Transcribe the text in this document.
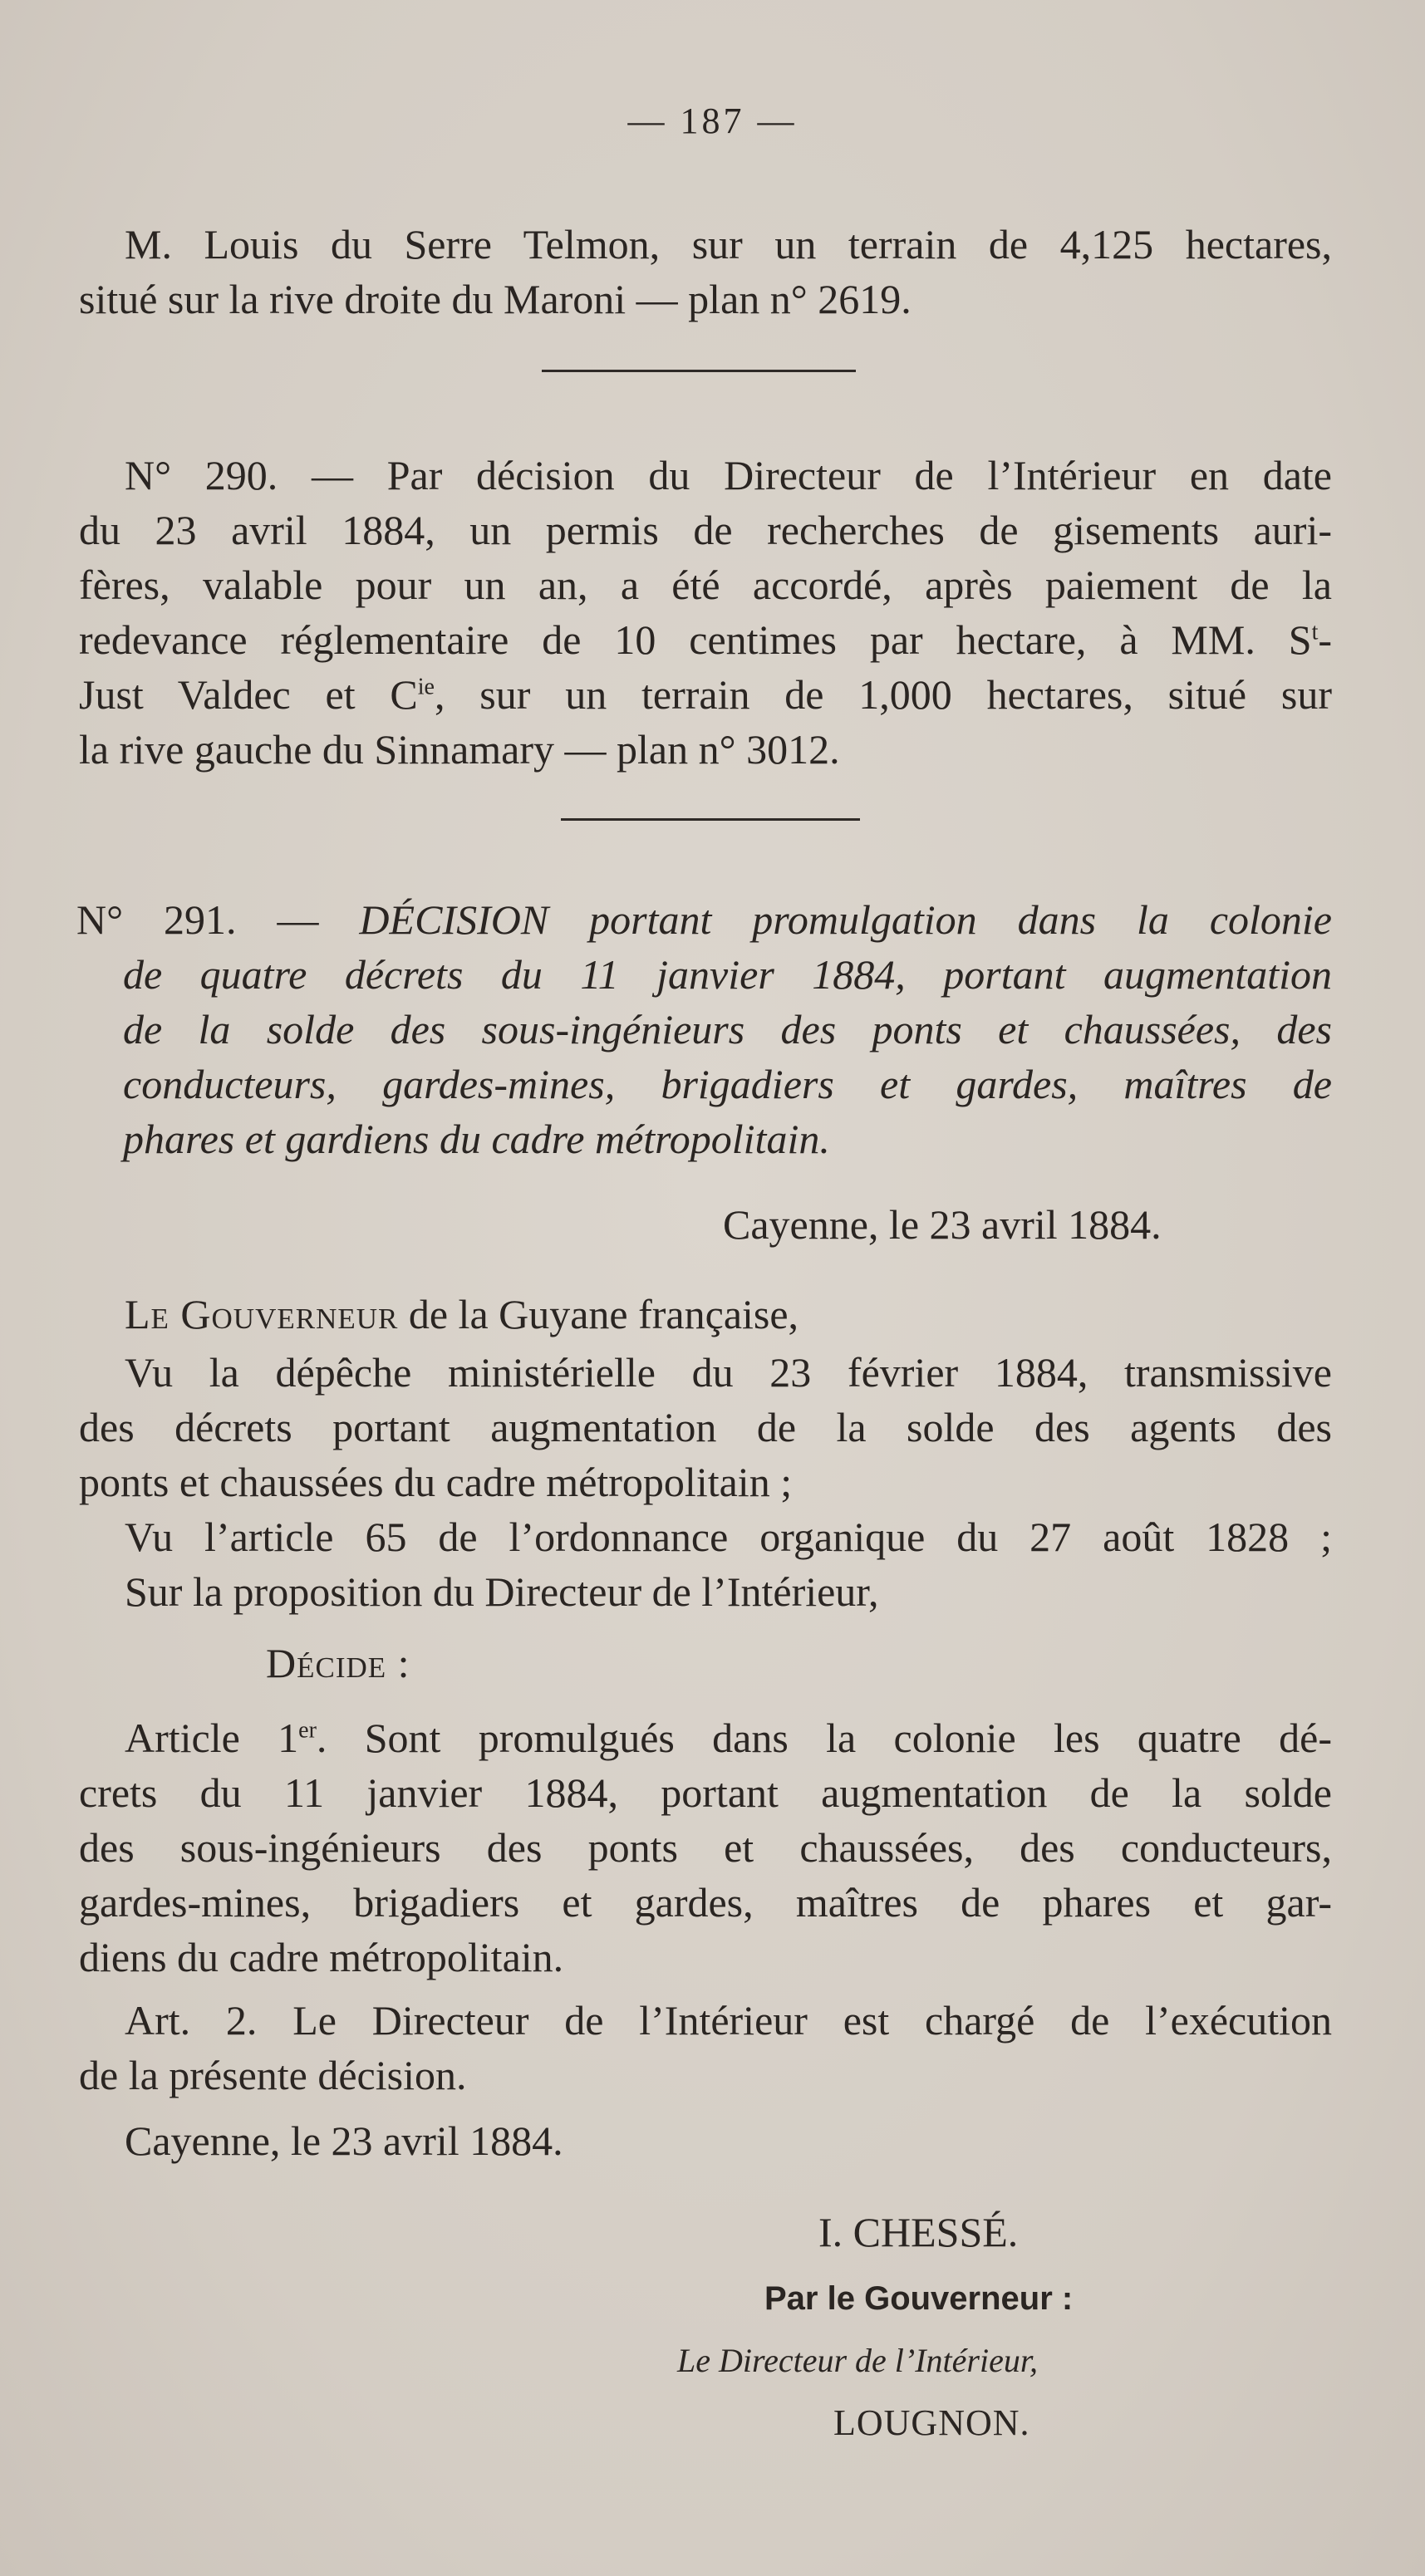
— 187 —
M. Louis du Serre Telmon, sur un terrain de 4,125 hectares,
situé sur la rive droite du Maroni — plan n° 2619.
N° 290. — Par décision du Directeur de l’Intérieur en date
du 23 avril 1884, un permis de recherches de gisements auri-
fères, valable pour un an, a été accordé, après paiement de la
redevance réglementaire de 10 centimes par hectare, à MM. $S^t-$
Just Valdec et $C^{ie}$, sur un terrain de 1,000 hectares, situé sur
la rive gauche du Sinnamary — plan n° 3012.
N° 291. — DÉCISION portant promulgation dans la colonie
de quatre décrets du 11 janvier 1884, portant augmentation
de la solde des sous-ingénieurs des ponts et chaussées, des
conducteurs, gardes-mines, brigadiers et gardes, maîtres de
phares et gardiens du cadre métropolitain.
Cayenne, le 23 avril 1884.
Le Gouverneur de la Guyane française,
Vu la dépêche ministérielle du 23 février 1884, transmissive
des décrets portant augmentation de la solde des agents des
ponts et chaussées du cadre métropolitain ;
Vu l’article 65 de l’ordonnance organique du 27 août 1828 ;
Sur la proposition du Directeur de l’Intérieur,
Décide :
Article 1er. Sont promulgués dans la colonie les quatre dé-
crets du 11 janvier 1884, portant augmentation de la solde
des sous-ingénieurs des ponts et chaussées, des conducteurs,
gardes-mines, brigadiers et gardes, maîtres de phares et gar-
diens du cadre métropolitain.
Art. 2. Le Directeur de l’Intérieur est chargé de l’exécution
de la présente décision.
Cayenne, le 23 avril 1884.
I. CHESSÉ.
Par le Gouverneur :
Le Directeur de l’Intérieur,
LOUGNON.
